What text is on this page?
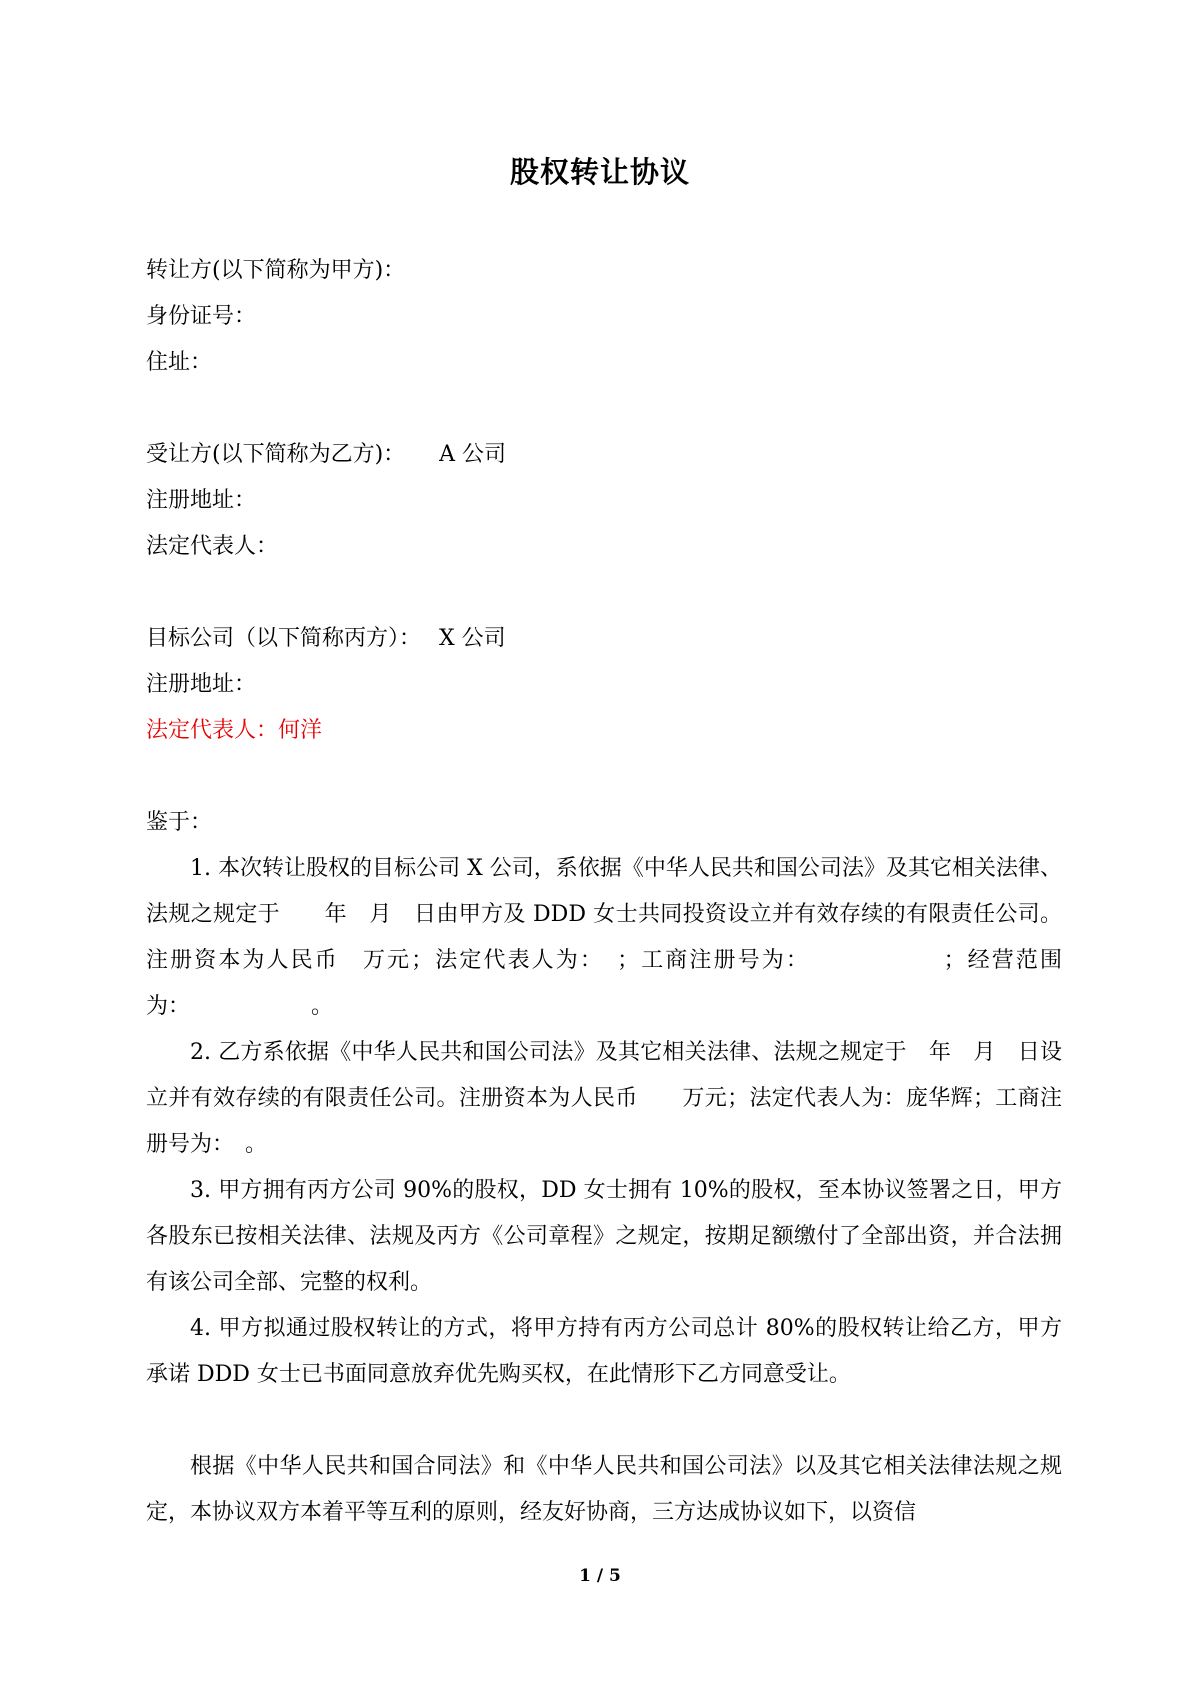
股权转让协议
转让方(以下简称为甲方)：
身份证号：
住址：
受让方(以下简称为乙方)： A 公司
注册地址：
法定代表人：
目标公司（以下简称丙方）： X 公司
注册地址：
法定代表人：何洋
鉴于：
1. 本次转让股权的目标公司 X 公司，系依据《中华人民共和国公司法》及其它相关法律、法规之规定于　　年　月　日由甲方及 DDD 女士共同投资设立并有效存续的有限责任公司。注册资本为人民币　万元；法定代表人为：　；工商注册号为：　　　　　　；经营范围为：　　　　　　。
2. 乙方系依据《中华人民共和国公司法》及其它相关法律、法规之规定于　年　月　日设立并有效存续的有限责任公司。注册资本为人民币　　万元；法定代表人为：庞华辉；工商注册号为：　。
3. 甲方拥有丙方公司 90%的股权，DD 女士拥有 10%的股权，至本协议签署之日，甲方各股东已按相关法律、法规及丙方《公司章程》之规定，按期足额缴付了全部出资，并合法拥有该公司全部、完整的权利。
4. 甲方拟通过股权转让的方式，将甲方持有丙方公司总计 80%的股权转让给乙方，甲方承诺 DDD 女士已书面同意放弃优先购买权，在此情形下乙方同意受让。
根据《中华人民共和国合同法》和《中华人民共和国公司法》以及其它相关法律法规之规定，本协议双方本着平等互利的原则，经友好协商，三方达成协议如下，以资信
1 / 5
